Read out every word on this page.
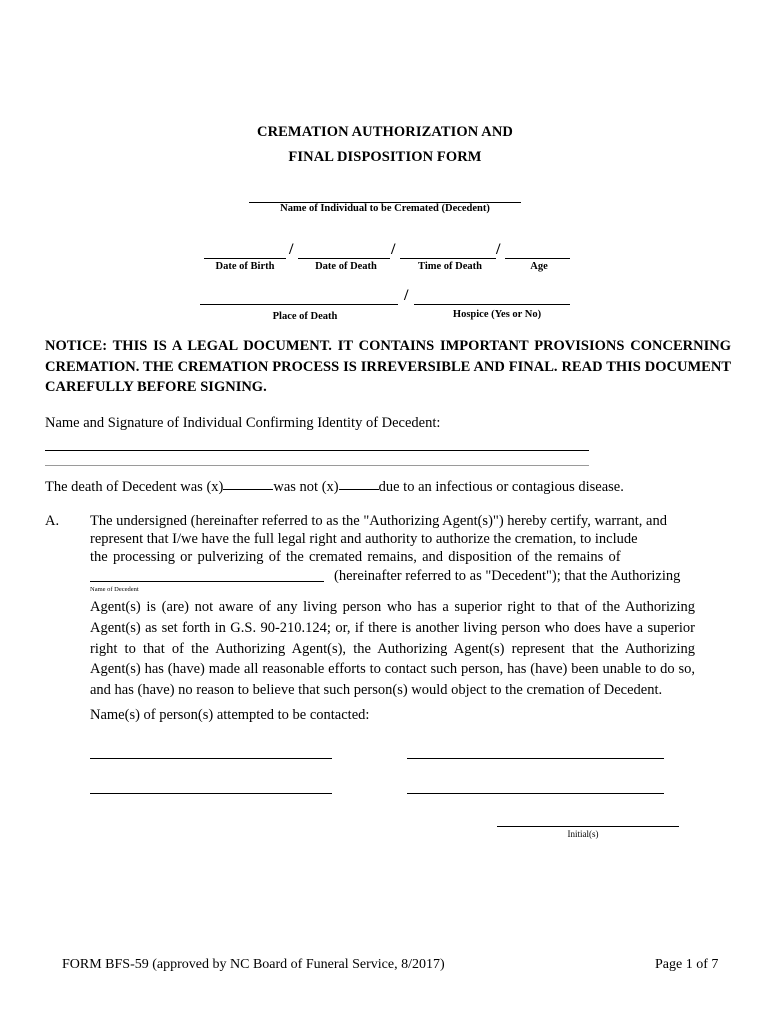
CREMATION AUTHORIZATION AND
FINAL DISPOSITION FORM
Name of Individual to be Cremated (Decedent)
/	/	/
Date of Birth	Date of Death	Time of Death	Age
/
Place of Death	Hospice (Yes or No)
NOTICE: THIS IS A LEGAL DOCUMENT. IT CONTAINS IMPORTANT PROVISIONS CONCERNING CREMATION. THE CREMATION PROCESS IS IRREVERSIBLE AND FINAL. READ THIS DOCUMENT CAREFULLY BEFORE SIGNING.
Name and Signature of Individual Confirming Identity of Decedent:
The death of Decedent was (x)	was not (x)	due to an infectious or contagious disease.
A. The undersigned (hereinafter referred to as the "Authorizing Agent(s)") hereby certify, warrant, and
represent that I/we have the full legal right and authority to authorize the cremation, to include
the processing or pulverizing of the cremated remains, and disposition of the remains of
(hereinafter referred to as "Decedent"); that the Authorizing
Name of Decedent
Agent(s) is (are) not aware of any living person who has a superior right to that of the Authorizing Agent(s) as set forth in G.S. 90-210.124; or, if there is another living person who does have a superior right to that of the Authorizing Agent(s), the Authorizing Agent(s) represent that the Authorizing Agent(s) has (have) made all reasonable efforts to contact such person, has (have) been unable to do so, and has (have) no reason to believe that such person(s) would object to the cremation of Decedent.
Name(s) of person(s) attempted to be contacted:
Initial(s)
FORM BFS-59 (approved by NC Board of Funeral Service, 8/2017)	Page 1 of 7
